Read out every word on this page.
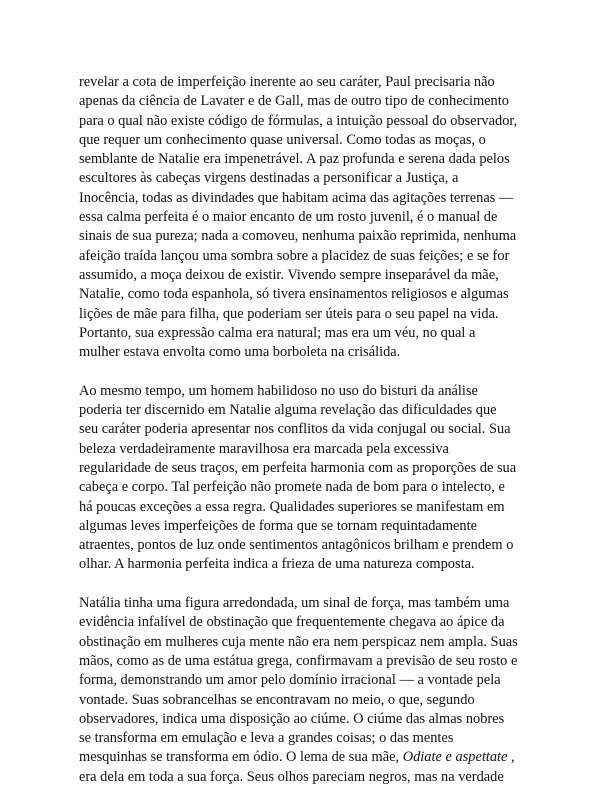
revelar a cota de imperfeição inerente ao seu caráter, Paul precisaria não
apenas da ciência de Lavater e de Gall, mas de outro tipo de conhecimento
para o qual não existe código de fórmulas, a intuição pessoal do observador,
que requer um conhecimento quase universal. Como todas as moças, o
semblante de Natalie era impenetrável. A paz profunda e serena dada pelos
escultores às cabeças virgens destinadas a personificar a Justiça, a
Inocência, todas as divindades que habitam acima das agitações terrenas —
essa calma perfeita é o maior encanto de um rosto juvenil, é o manual de
sinais de sua pureza; nada a comoveu, nenhuma paixão reprimida, nenhuma
afeição traída lançou uma sombra sobre a placidez de suas feições; e se for
assumido, a moça deixou de existir. Vivendo sempre inseparável da mãe,
Natalie, como toda espanhola, só tivera ensinamentos religiosos e algumas
lições de mãe para filha, que poderiam ser úteis para o seu papel na vida.
Portanto, sua expressão calma era natural; mas era um véu, no qual a
mulher estava envolta como uma borboleta na crisálida.

Ao mesmo tempo, um homem habilidoso no uso do bisturi da análise
poderia ter discernido em Natalie alguma revelação das dificuldades que
seu caráter poderia apresentar nos conflitos da vida conjugal ou social. Sua
beleza verdadeiramente maravilhosa era marcada pela excessiva
regularidade de seus traços, em perfeita harmonia com as proporções de sua
cabeça e corpo. Tal perfeição não promete nada de bom para o intelecto, e
há poucas exceções a essa regra. Qualidades superiores se manifestam em
algumas leves imperfeições de forma que se tornam requintadamente
atraentes, pontos de luz onde sentimentos antagônicos brilham e prendem o
olhar. A harmonia perfeita indica a frieza de uma natureza composta.

Natália tinha uma figura arredondada, um sinal de força, mas também uma
evidência infalível de obstinação que frequentemente chegava ao ápice da
obstinação em mulheres cuja mente não era nem perspicaz nem ampla. Suas
mãos, como as de uma estátua grega, confirmavam a previsão de seu rosto e
forma, demonstrando um amor pelo domínio irracional — a vontade pela
vontade. Suas sobrancelhas se encontravam no meio, o que, segundo
observadores, indica uma disposição ao ciúme. O ciúme das almas nobres
se transforma em emulação e leva a grandes coisas; o das mentes
mesquinhas se transforma em ódio. O lema de sua mãe, Odiate e aspettate ,
era dela em toda a sua força. Seus olhos pareciam negros, mas na verdade
